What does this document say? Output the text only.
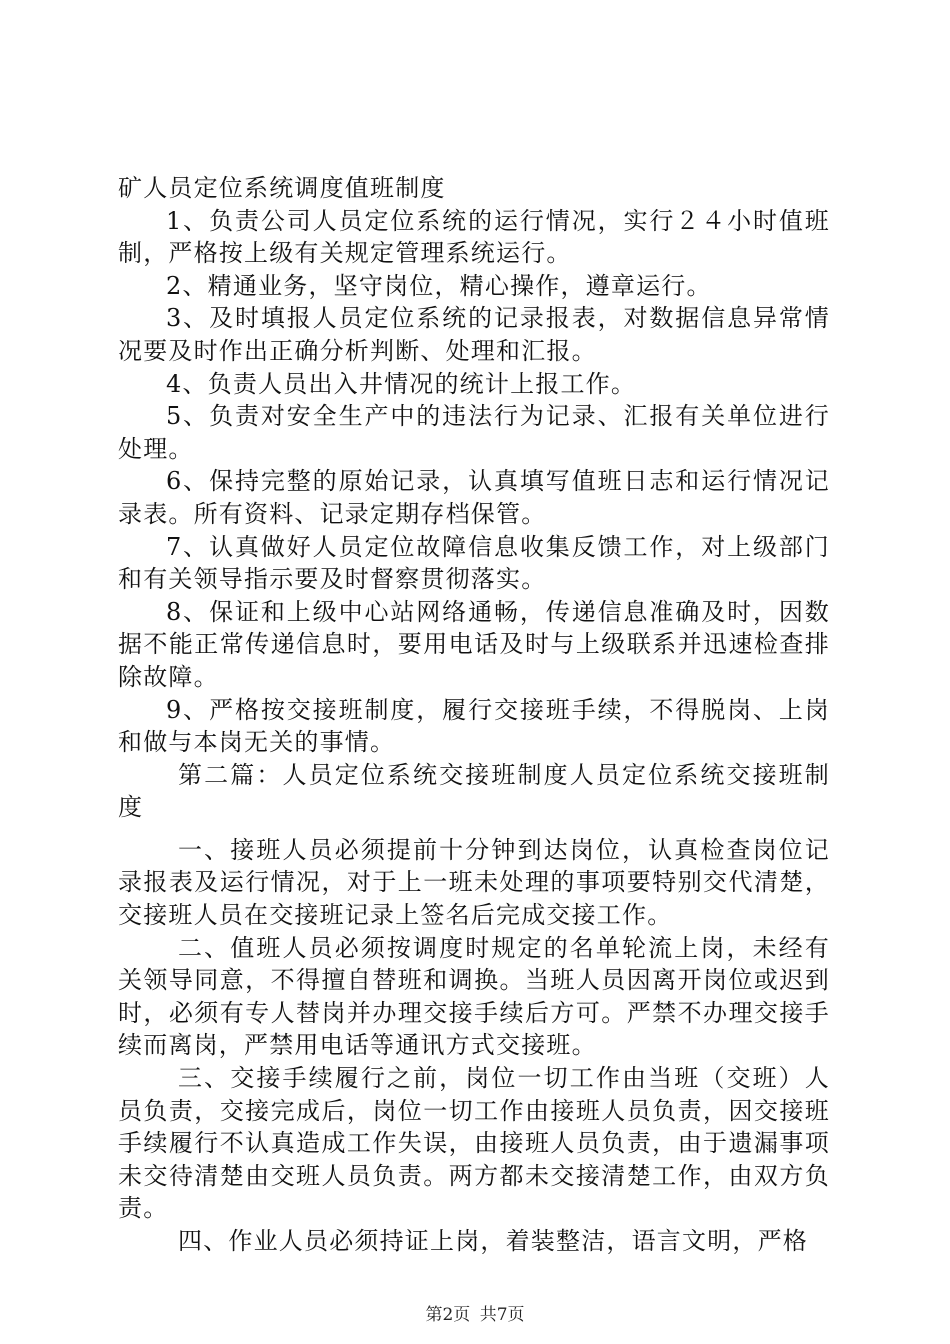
矿人员定位系统调度值班制度

1、负责公司人员定位系统的运行情况，实行２４小时值班制，严格按上级有关规定管理系统运行。

2、精通业务，坚守岗位，精心操作，遵章运行。

3、及时填报人员定位系统的记录报表，对数据信息异常情况要及时作出正确分析判断、处理和汇报。

4、负责人员出入井情况的统计上报工作。

5、负责对安全生产中的违法行为记录、汇报有关单位进行处理。

6、保持完整的原始记录，认真填写值班日志和运行情况记录表。所有资料、记录定期存档保管。

7、认真做好人员定位故障信息收集反馈工作，对上级部门和有关领导指示要及时督察贯彻落实。

8、保证和上级中心站网络通畅，传递信息准确及时，因数据不能正常传递信息时，要用电话及时与上级联系并迅速检查排除故障。

9、严格按交接班制度，履行交接班手续，不得脱岗、上岗和做与本岗无关的事情。

第二篇：人员定位系统交接班制度人员定位系统交接班制度

一、接班人员必须提前十分钟到达岗位，认真检查岗位记录报表及运行情况，对于上一班未处理的事项要特别交代清楚，交接班人员在交接班记录上签名后完成交接工作。

二、值班人员必须按调度时规定的名单轮流上岗，未经有关领导同意，不得擅自替班和调换。当班人员因离开岗位或迟到时，必须有专人替岗并办理交接手续后方可。严禁不办理交接手续而离岗，严禁用电话等通讯方式交接班。

三、交接手续履行之前，岗位一切工作由当班（交班）人员负责，交接完成后，岗位一切工作由接班人员负责，因交接班手续履行不认真造成工作失误，由接班人员负责，由于遗漏事项未交待清楚由交班人员负责。两方都未交接清楚工作，由双方负责。

四、作业人员必须持证上岗，着装整洁，语言文明，严格

第2页 共7页
